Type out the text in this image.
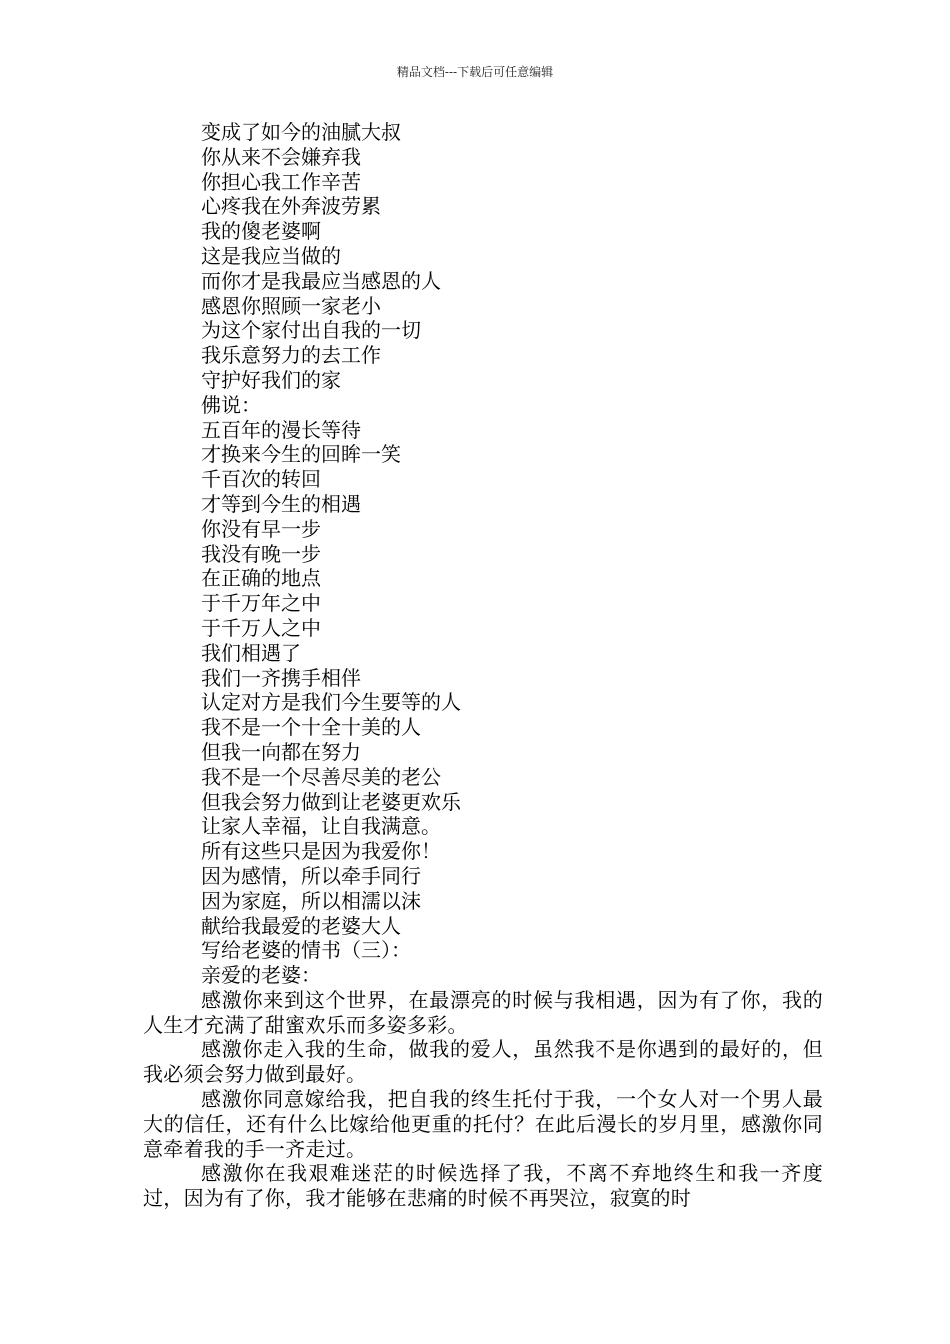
精品文档---下载后可任意编辑
变成了如今的油腻大叔
你从来不会嫌弃我
你担心我工作辛苦
心疼我在外奔波劳累
我的傻老婆啊
这是我应当做的
而你才是我最应当感恩的人
感恩你照顾一家老小
为这个家付出自我的一切
我乐意努力的去工作
守护好我们的家
佛说：
五百年的漫长等待
才换来今生的回眸一笑
千百次的转回
才等到今生的相遇
你没有早一步
我没有晚一步
在正确的地点
于千万年之中
于千万人之中
我们相遇了
我们一齐携手相伴
认定对方是我们今生要等的人
我不是一个十全十美的人
但我一向都在努力
我不是一个尽善尽美的老公
但我会努力做到让老婆更欢乐
让家人幸福，让自我满意。
所有这些只是因为我爱你！
因为感情，所以牵手同行
因为家庭，所以相濡以沫
献给我最爱的老婆大人
写给老婆的情书（三）：
亲爱的老婆：

感激你来到这个世界，在最漂亮的时候与我相遇，因为有了你，我的人生才充满了甜蜜欢乐而多姿多彩。

感激你走入我的生命，做我的爱人，虽然我不是你遇到的最好的，但我必须会努力做到最好。

感激你同意嫁给我，把自我的终生托付于我，一个女人对一个男人最大的信任，还有什么比嫁给他更重的托付？在此后漫长的岁月里，感激你同意牵着我的手一齐走过。

感激你在我艰难迷茫的时候选择了我，不离不弃地终生和我一齐度过，因为有了你，我才能够在悲痛的时候不再哭泣，寂寞的时
